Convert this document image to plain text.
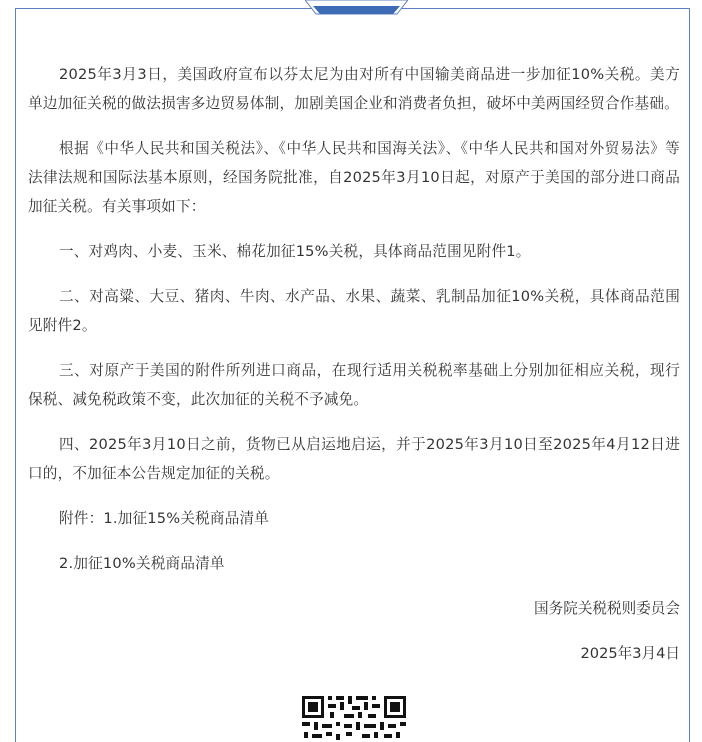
2025年3月3日，美国政府宣布以芬太尼为由对所有中国输美商品进一步加征10%关税。美方单边加征关税的做法损害多边贸易体制，加剧美国企业和消费者负担，破坏中美两国经贸合作基础。

根据《中华人民共和国关税法》、《中华人民共和国海关法》、《中华人民共和国对外贸易法》等法律法规和国际法基本原则，经国务院批准，自2025年3月10日起，对原产于美国的部分进口商品加征关税。有关事项如下：

一、对鸡肉、小麦、玉米、棉花加征15%关税，具体商品范围见附件1。

二、对高粱、大豆、猪肉、牛肉、水产品、水果、蔬菜、乳制品加征10%关税，具体商品范围见附件2。

三、对原产于美国的附件所列进口商品，在现行适用关税税率基础上分别加征相应关税，现行保税、减免税政策不变，此次加征的关税不予减免。

四、2025年3月10日之前，货物已从启运地启运，并于2025年3月10日至2025年4月12日进口的，不加征本公告规定加征的关税。

附件：1.加征15%关税商品清单

2.加征10%关税商品清单

国务院关税税则委员会

2025年3月4日
